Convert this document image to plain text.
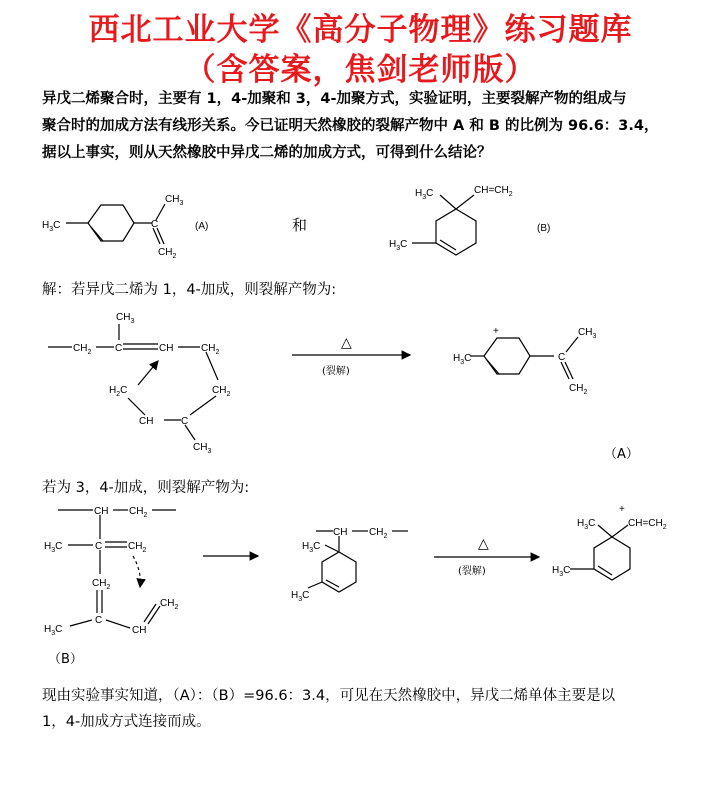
西北工业大学《高分子物理》练习题库
（含答案，焦剑老师版）
异戊二烯聚合时，主要有 1，4-加聚和 3，4-加聚方式，实验证明，主要裂解产物的组成与
聚合时的加成方法有线形关系。今已证明天然橡胶的裂解产物中 A 和 B 的比例为 96.6：3.4，
据以上事实，则从天然橡胶中异戊二烯的加成方式，可得到什么结论？
解：若异戊二烯为 1，4-加成，则裂解产物为:
若为 3，4-加成，则裂解产物为:
现由实验事实知道，（A）：（B）=96.6：3.4，可见在天然橡胶中，异戊二烯单体主要是以
1，4-加成方式连接而成。
$H_3C$	C
$CH_3$
$CH_2$
(A)	和
$H_3C$	$CH=CH_2$
$H_3C$
(B)
$CH_3$
$CH_2$ C	CH	$CH_2$
$H_2C$	$CH_2$
CH	C
$CH_3$
△
(裂解)
$H_3C$
+
C
$CH_3$
$CH_2$
（A）
CH $CH_2$
$H_3C$	C	$CH_2$
$CH_2$
$H_3C$
C
CH
$CH_2$
（B）
CH $CH_2$
$H_3C$
$H_3C$
△
(裂解)
$H_3C$
+
$CH=CH_2$
$H_3C$
